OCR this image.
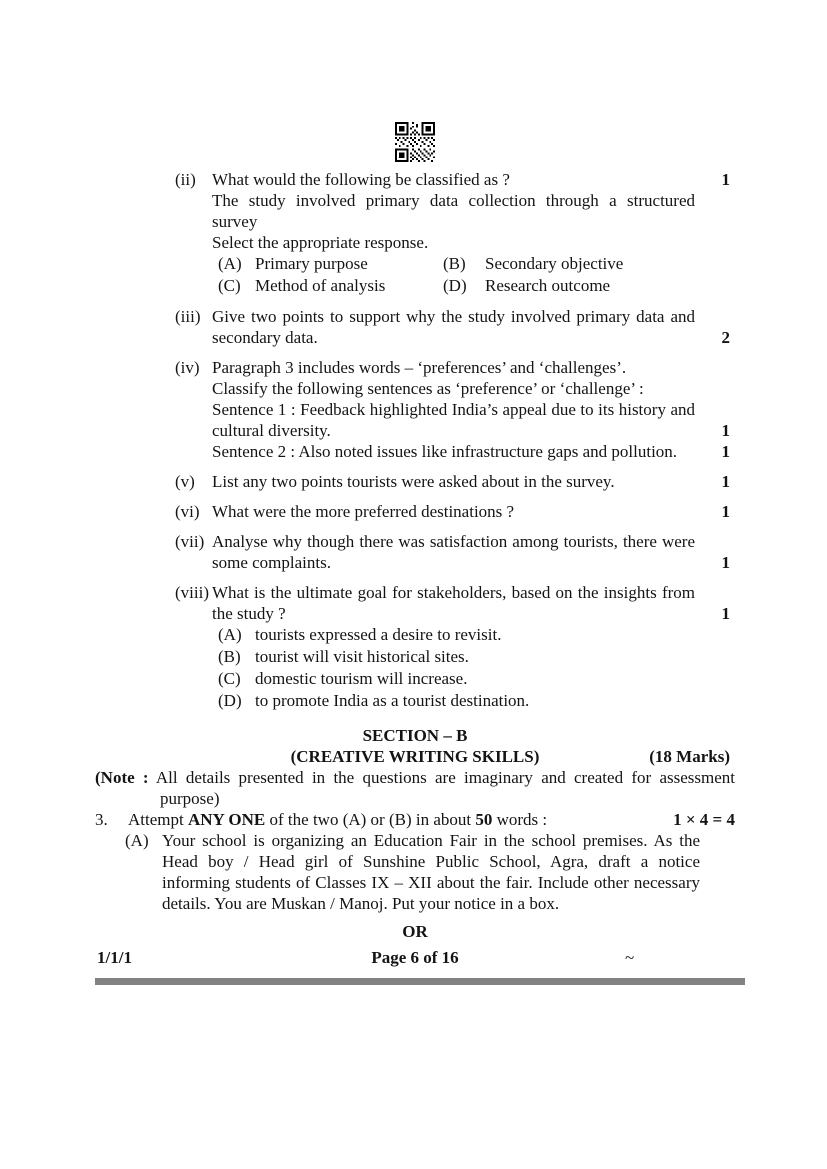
(ii) What would the following be classified as ?	1
The study involved primary data collection through a structured survey
Select the appropriate response.
(A) Primary purpose	(B)	Secondary objective
(C) Method of analysis	(D)	Research outcome
(iii) Give two points to support why the study involved primary data and secondary data.	2
(iv) Paragraph 3 includes words – ‘preferences’ and ‘challenges’.
Classify the following sentences as ‘preference’ or ‘challenge’ :
Sentence 1 : Feedback highlighted India’s appeal due to its history and cultural diversity.	1
Sentence 2 : Also noted issues like infrastructure gaps and pollution.	1
(v)	List any two points tourists were asked about in the survey.	1
(vi) What were the more preferred destinations ?	1
(vii) Analyse why though there was satisfaction among tourists, there were some complaints.	1
(viii) What is the ultimate goal for stakeholders, based on the insights from the study ?	1
(A) tourists expressed a desire to revisit.
(B) tourist will visit historical sites.
(C) domestic tourism will increase.
(D) to promote India as a tourist destination.
SECTION – B
(CREATIVE WRITING SKILLS)	(18 Marks)
(Note : All details presented in the questions are imaginary and created for assessment purpose)
3.	Attempt ANY ONE of the two (A) or (B) in about 50 words :	1 × 4 = 4
(A) Your school is organizing an Education Fair in the school premises. As the Head boy / Head girl of Sunshine Public School, Agra, draft a notice informing students of Classes IX – XII about the fair. Include other necessary details. You are Muskan / Manoj. Put your notice in a box.
OR
1/1/1	Page 6 of 16	~
